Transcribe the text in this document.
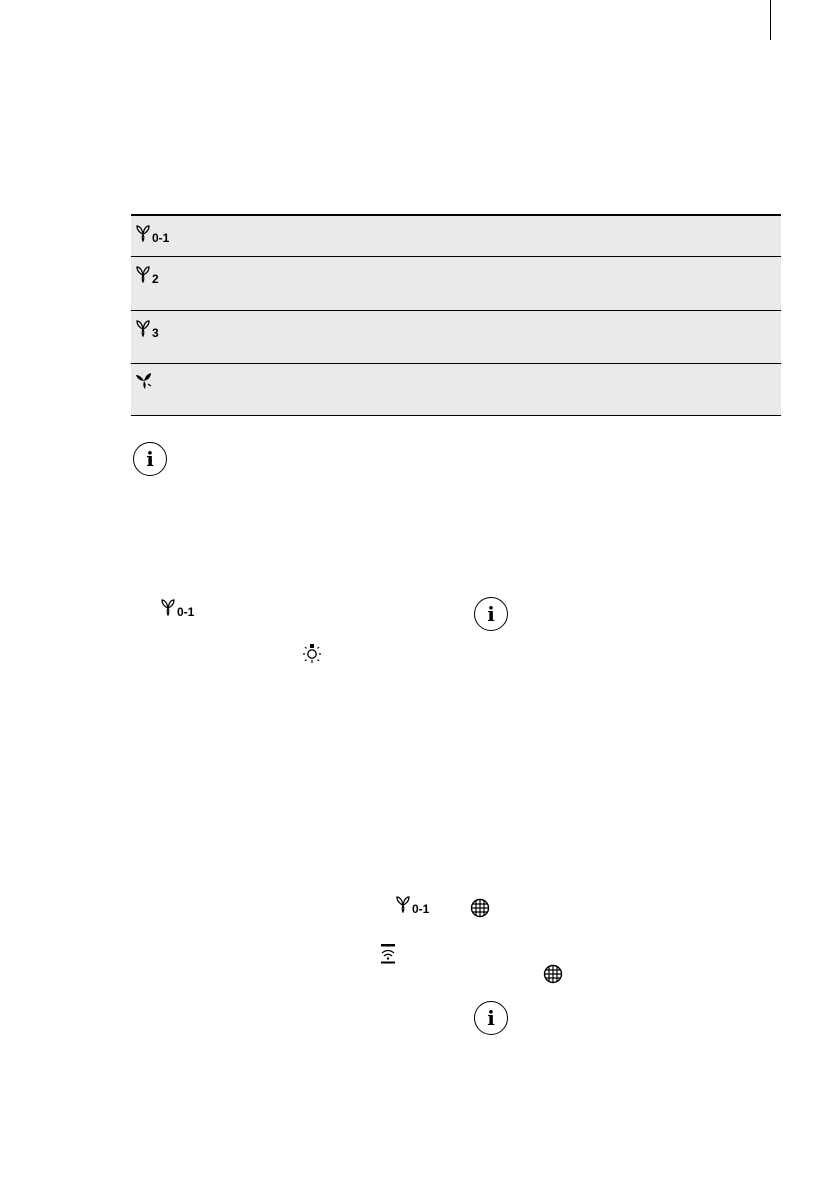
0-1
2
3
i
0-1	i
0-1
i
